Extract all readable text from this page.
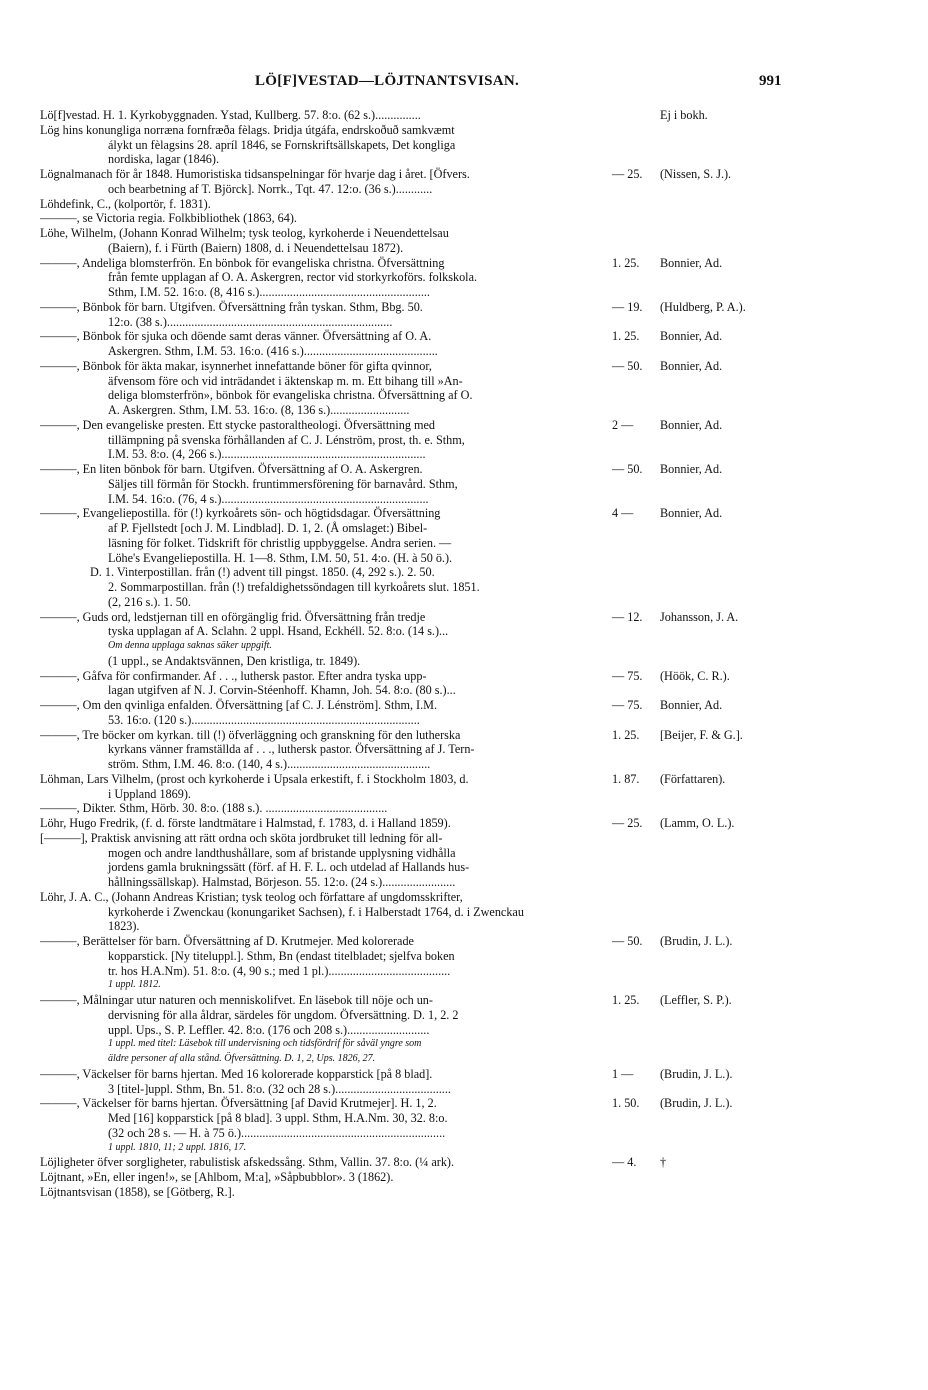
LÖ[F]VESTAD—LÖJTNANTSVISAN.	991
Lö[f]vestad. H. 1. Kyrkobyggnaden. Ystad, Kullberg. 57. 8:o. (62 s.)...............	Ej i bokh.
Lög hins konungliga norræna fornfræða fèlags. Þridja útgáfa, endrskoðuð samkvæmt
álykt un fèlagsins 28. apríl 1846, se Fornskriftsällskapets, Det kongliga
nordiska, lagar (1846).
Lögnalmanach för år 1848. Humoristiska tidsanspelningar för hvarje dag i året. [Öfvers.
och bearbetning af T. Björck]. Norrk., Tqt. 47. 12:o. (36 s.)............
— 25.	(Nissen, S. J.).
Löhdefink, C., (kolportör, f. 1831).
———, se Victoria regia. Folkbibliothek (1863, 64).
Löhe, Wilhelm, (Johann Konrad Wilhelm; tysk teolog, kyrkoherde i Neuendettelsau
(Baiern), f. i Fürth (Baiern) 1808, d. i Neuendettelsau 1872).
———, Andeliga blomsterfrön. En bönbok för evangeliska christna. Öfversättning
från femte upplagan af O. A. Askergren, rector vid storkyrkoförs. folkskola.
Sthm, I.M. 52. 16:o. (8, 416 s.)........................................................
1. 25.	Bonnier, Ad.
———, Bönbok för barn. Utgifven. Öfversättning från tyskan. Sthm, Bbg. 50.
12:o. (38 s.)..........................................................................
— 19.	(Huldberg, P. A.).
———, Bönbok för sjuka och döende samt deras vänner. Öfversättning af O. A.
Askergren. Sthm, I.M. 53. 16:o. (416 s.)............................................
1. 25.	Bonnier, Ad.
———, Bönbok för äkta makar, isynnerhet innefattande böner för gifta qvinnor,
äfvensom före och vid inträdandet i äktenskap m. m. Ett bihang till »An-
deliga blomsterfrön», bönbok för evangeliska christna. Öfversättning af O.
A. Askergren. Sthm, I.M. 53. 16:o. (8, 136 s.)..........................
— 50.	Bonnier, Ad.
———, Den evangeliske presten. Ett stycke pastoraltheologi. Öfversättning med
tillämpning på svenska förhållanden af C. J. Lénström, prost, th. e. Sthm,
I.M. 53. 8:o. (4, 266 s.)...................................................................
2 —	Bonnier, Ad.
———, En liten bönbok för barn. Utgifven. Öfversättning af O. A. Askergren.
Säljes till förmån för Stockh. fruntimmersförening för barnavård. Sthm,
I.M. 54. 16:o. (76, 4 s.)....................................................................
— 50.	Bonnier, Ad.
———, Evangeliepostilla. för (!) kyrkoårets sön- och högtidsdagar. Öfversättning
af P. Fjellstedt [och J. M. Lindblad]. D. 1, 2. (Å omslaget:) Bibel-
läsning för folket. Tidskrift för christlig uppbyggelse. Andra serien. —
Löhe's Evangeliepostilla. H. 1—8. Sthm, I.M. 50, 51. 4:o. (H. à 50 ö.).
4 —	Bonnier, Ad.
D. 1. Vinterpostillan. från (!) advent till pingst. 1850. (4, 292 s.). 2. 50.
2. Sommarpostillan. från (!) trefaldighetssöndagen till kyrkoårets slut. 1851.
(2, 216 s.). 1. 50.
———, Guds ord, ledstjernan till en oförgänglig frid. Öfversättning från tredje
tyska upplagan af A. Sclahn. 2 uppl. Hsand, Eckhéll. 52. 8:o. (14 s.)...
— 12.	Johansson, J. A.
Om denna upplaga saknas säker uppgift.
(1 uppl., se Andaktsvännen, Den kristliga, tr. 1849).
———, Gåfva för confirmander. Af . . ., luthersk pastor. Efter andra tyska upp-
lagan utgifven af N. J. Corvin-Stéenhoff. Khamn, Joh. 54. 8:o. (80 s.)...
— 75.	(Höök, C. R.).
———, Om den qvinliga enfalden. Öfversättning [af C. J. Lénström]. Sthm, I.M.
53. 16:o. (120 s.)...........................................................................
— 75.	Bonnier, Ad.
———, Tre böcker om kyrkan. till (!) öfverläggning och granskning för den lutherska
kyrkans vänner framställda af . . ., luthersk pastor. Öfversättning af J. Tern-
ström. Sthm, I.M. 46. 8:o. (140, 4 s.)...............................................
1. 25.	[Beijer, F. & G.].
Löhman, Lars Vilhelm, (prost och kyrkoherde i Upsala erkestift, f. i Stockholm 1803, d.
i Uppland 1869).
———, Dikter. Sthm, Hörb. 30. 8:o. (188 s.). ........................................
1. 87.	(Författaren).
Löhr, Hugo Fredrik, (f. d. förste landtmätare i Halmstad, f. 1783, d. i Halland 1859).
[———], Praktisk anvisning att rätt ordna och sköta jordbruket till ledning för all-
mogen och andre landthushållare, som af bristande upplysning vidhålla
jordens gamla brukningssätt (förf. af H. F. L. och utdelad af Hallands hus-
hållningssällskap). Halmstad, Börjeson. 55. 12:o. (24 s.)........................
— 25.	(Lamm, O. L.).
Löhr, J. A. C., (Johann Andreas Kristian; tysk teolog och författare af ungdomsskrifter,
kyrkoherde i Zwenckau (konungariket Sachsen), f. i Halberstadt 1764, d. i Zwenckau
1823).
———, Berättelser för barn. Öfversättning af D. Krutmejer. Med kolorerade
kopparstick. [Ny titeluppl.]. Sthm, Bn (endast titelbladet; sjelfva boken
tr. hos H.A.Nm). 51. 8:o. (4, 90 s.; med 1 pl.)........................................
— 50.	(Brudin, J. L.).
1 uppl. 1812.
———, Målningar utur naturen och menniskolifvet. En läsebok till nöje och un-
dervisning för alla åldrar, särdeles för ungdom. Öfversättning. D. 1, 2. 2
uppl. Ups., S. P. Leffler. 42. 8:o. (176 och 208 s.)...........................
1. 25.	(Leffler, S. P.).
1 uppl. med titel: Läsebok till undervisning och tidsfördrif för såväl yngre som
äldre personer af alla stånd. Öfversättning. D. 1, 2, Ups. 1826, 27.
———, Väckelser för barns hjertan. Med 16 kolorerade kopparstick [på 8 blad].
3 [titel-]uppl. Sthm, Bn. 51. 8:o. (32 och 28 s.)......................................
1 —	(Brudin, J. L.).
———, Väckelser för barns hjertan. Öfversättning [af David Krutmejer]. H. 1, 2.
Med [16] kopparstick [på 8 blad]. 3 uppl. Sthm, H.A.Nm. 30, 32. 8:o.
(32 och 28 s. — H. à 75 ö.)...................................................................
1. 50.	(Brudin, J. L.).
1 uppl. 1810, 11; 2 uppl. 1816, 17.
Löjligheter öfver sorgligheter, rabulistisk afskedssång. Sthm, Vallin. 37. 8:o. (¼ ark).	— 4.	†
Löjtnant, »En, eller ingen!», se [Ahlbom, M:a], »Såpbubblor». 3 (1862).
Löjtnantsvisan (1858), se [Götberg, R.].
